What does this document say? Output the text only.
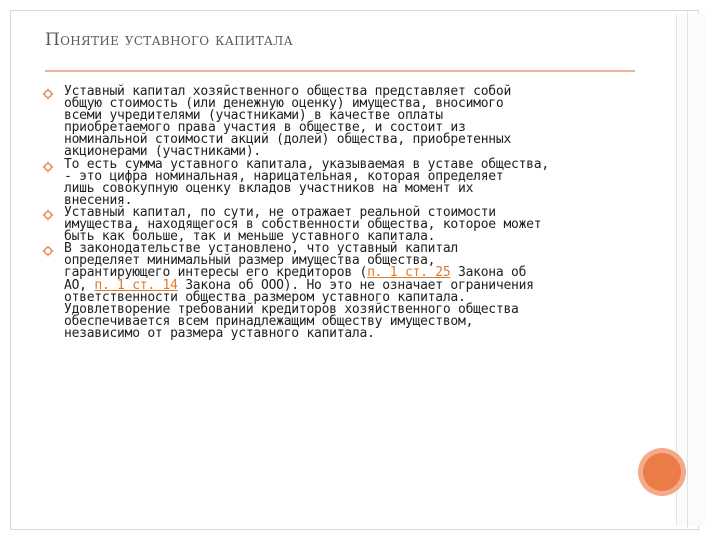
Понятие уставного капитала
Уставный капитал хозяйственного общества представляет собой
общую стоимость (или денежную оценку) имущества, вносимого
всеми учредителями (участниками) в качестве оплаты
приобретаемого права участия в обществе, и состоит из
номинальной стоимости акций (долей) общества, приобретенных
акционерами (участниками).
То есть сумма уставного капитала, указываемая в уставе общества,
- это цифра номинальная, нарицательная, которая определяет
лишь совокупную оценку вкладов участников на момент их
внесения.
Уставный капитал, по сути, не отражает реальной стоимости
имущества, находящегося в собственности общества, которое может
быть как больше, так и меньше уставного капитала.
В законодательстве установлено, что уставный капитал
определяет минимальный размер имущества общества,
гарантирующего интересы его кредиторов (п. 1 ст. 25 Закона об
АО, п. 1 ст. 14 Закона об ООО). Но это не означает ограничения
ответственности общества размером уставного капитала.
Удовлетворение требований кредиторов хозяйственного общества
обеспечивается всем принадлежащим обществу имуществом,
независимо от размера уставного капитала.
